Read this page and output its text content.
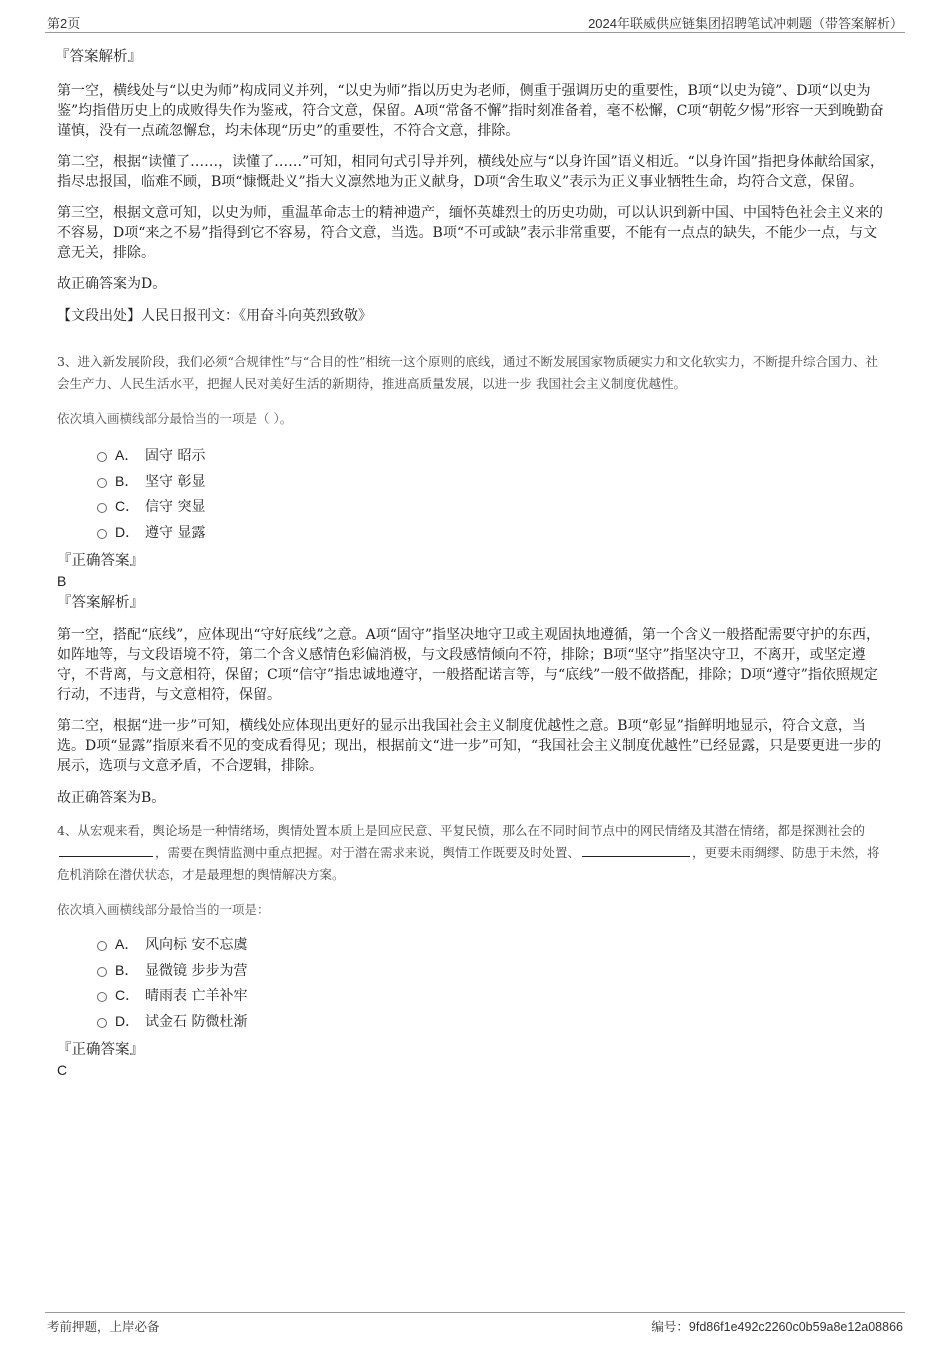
第2页	2024年联威供应链集团招聘笔试冲刺题（带答案解析）

『答案解析』

第一空，横线处与“以史为师”构成同义并列，“以史为师”指以历史为老师，侧重于强调历史的重要性，B项“以史为镜”、D项“以史为鉴”均指借历史上的成败得失作为鉴戒，符合文意，保留。A项“常备不懈”指时刻准备着，毫不松懈，C项“朝乾夕惕”形容一天到晚勤奋谨慎，没有一点疏忽懈怠，均未体现“历史”的重要性，不符合文意，排除。

第二空，根据“读懂了……，读懂了……”可知，相同句式引导并列，横线处应与“以身许国”语义相近。“以身许国”指把身体献给国家，指尽忠报国，临难不顾，B项“慷慨赴义”指大义凛然地为正义献身，D项“舍生取义”表示为正义事业牺牲生命，均符合文意，保留。

第三空，根据文意可知，以史为师，重温革命志士的精神遗产，缅怀英雄烈士的历史功勋，可以认识到新中国、中国特色社会主义来的不容易，D项“来之不易”指得到它不容易，符合文意，当选。B项“不可或缺”表示非常重要，不能有一点点的缺失，不能少一点，与文意无关，排除。

故正确答案为D。

【文段出处】人民日报刊文：《用奋斗向英烈致敬》

3、进入新发展阶段，我们必须“合规律性”与“合目的性”相统一这个原则的底线，通过不断发展国家物质硬实力和文化软实力，不断提升综合国力、社会生产力、人民生活水平，把握人民对美好生活的新期待，推进高质量发展，以进一步 我国社会主义制度优越性。

依次填入画横线部分最恰当的一项是（ ）。

A． 固守 昭示
B． 坚守 彰显
C． 信守 突显
D． 遵守 显露

『正确答案』

B

『答案解析』

第一空，搭配“底线”，应体现出“守好底线”之意。A项“固守”指坚决地守卫或主观固执地遵循，第一个含义一般搭配需要守护的东西，如阵地等，与文段语境不符，第二个含义感情色彩偏消极，与文段感情倾向不符，排除；B项“坚守”指坚决守卫，不离开，或坚定遵守，不背离，与文意相符，保留；C项“信守”指忠诚地遵守，一般搭配诺言等，与“底线”一般不做搭配，排除；D项“遵守”指依照规定行动，不违背，与文意相符，保留。

第二空，根据“进一步”可知，横线处应体现出更好的显示出我国社会主义制度优越性之意。B项“彰显”指鲜明地显示，符合文意，当选。D项“显露”指原来看不见的变成看得见；现出，根据前文“进一步”可知，“我国社会主义制度优越性”已经显露，只是要更进一步的展示，选项与文意矛盾，不合逻辑，排除。

故正确答案为B。

4、从宏观来看，舆论场是一种情绪场，舆情处置本质上是回应民意、平复民愤，那么在不同时间节点中的网民情绪及其潜在情绪，都是探测社会的，需要在舆情监测中重点把握。对于潜在需求来说，舆情工作既要及时处置、	，更要未雨绸缪、防患于未然，将危机消除在潜伏状态，才是最理想的舆情解决方案。

依次填入画横线部分最恰当的一项是：

A． 风向标 安不忘虞
B． 显微镜 步步为营
C． 晴雨表 亡羊补牢
D． 试金石 防微杜渐

『正确答案』

C

考前押题，上岸必备	编号：9fd86f1e492c2260c0b59a8e12a08866
